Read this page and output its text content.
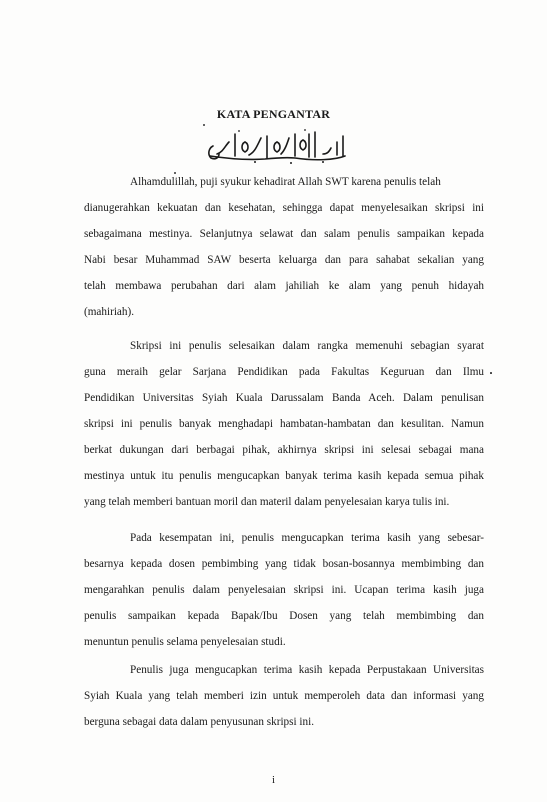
KATA PENGANTAR
Alhamdulillah, puji syukur kehadirat Allah SWT karena penulis telah
dianugerahkan kekuatan dan kesehatan, sehingga dapat menyelesaikan skripsi ini
sebagaimana mestinya. Selanjutnya selawat dan salam penulis sampaikan kepada
Nabi besar Muhammad SAW beserta keluarga dan para sahabat sekalian yang
telah membawa perubahan dari alam jahiliah ke alam yang penuh hidayah
(mahiriah).
Skripsi ini penulis selesaikan dalam rangka memenuhi sebagian syarat
guna meraih gelar Sarjana Pendidikan pada Fakultas Keguruan dan Ilmu
Pendidikan Universitas Syiah Kuala Darussalam Banda Aceh. Dalam penulisan
skripsi ini penulis banyak menghadapi hambatan-hambatan dan kesulitan. Namun
berkat dukungan dari berbagai pihak, akhirnya skripsi ini selesai sebagai mana
mestinya untuk itu penulis mengucapkan banyak terima kasih kepada semua pihak
yang telah memberi bantuan moril dan materil dalam penyelesaian karya tulis ini.
Pada kesempatan ini, penulis mengucapkan terima kasih yang sebesar-
besarnya kepada dosen pembimbing yang tidak bosan-bosannya membimbing dan
mengarahkan penulis dalam penyelesaian skripsi ini. Ucapan terima kasih juga
penulis sampaikan kepada Bapak/Ibu Dosen yang telah membimbing dan
menuntun penulis selama penyelesaian studi.
Penulis juga mengucapkan terima kasih kepada Perpustakaan Universitas
Syiah Kuala yang telah memberi izin untuk memperoleh data dan informasi yang
berguna sebagai data dalam penyusunan skripsi ini.
i
